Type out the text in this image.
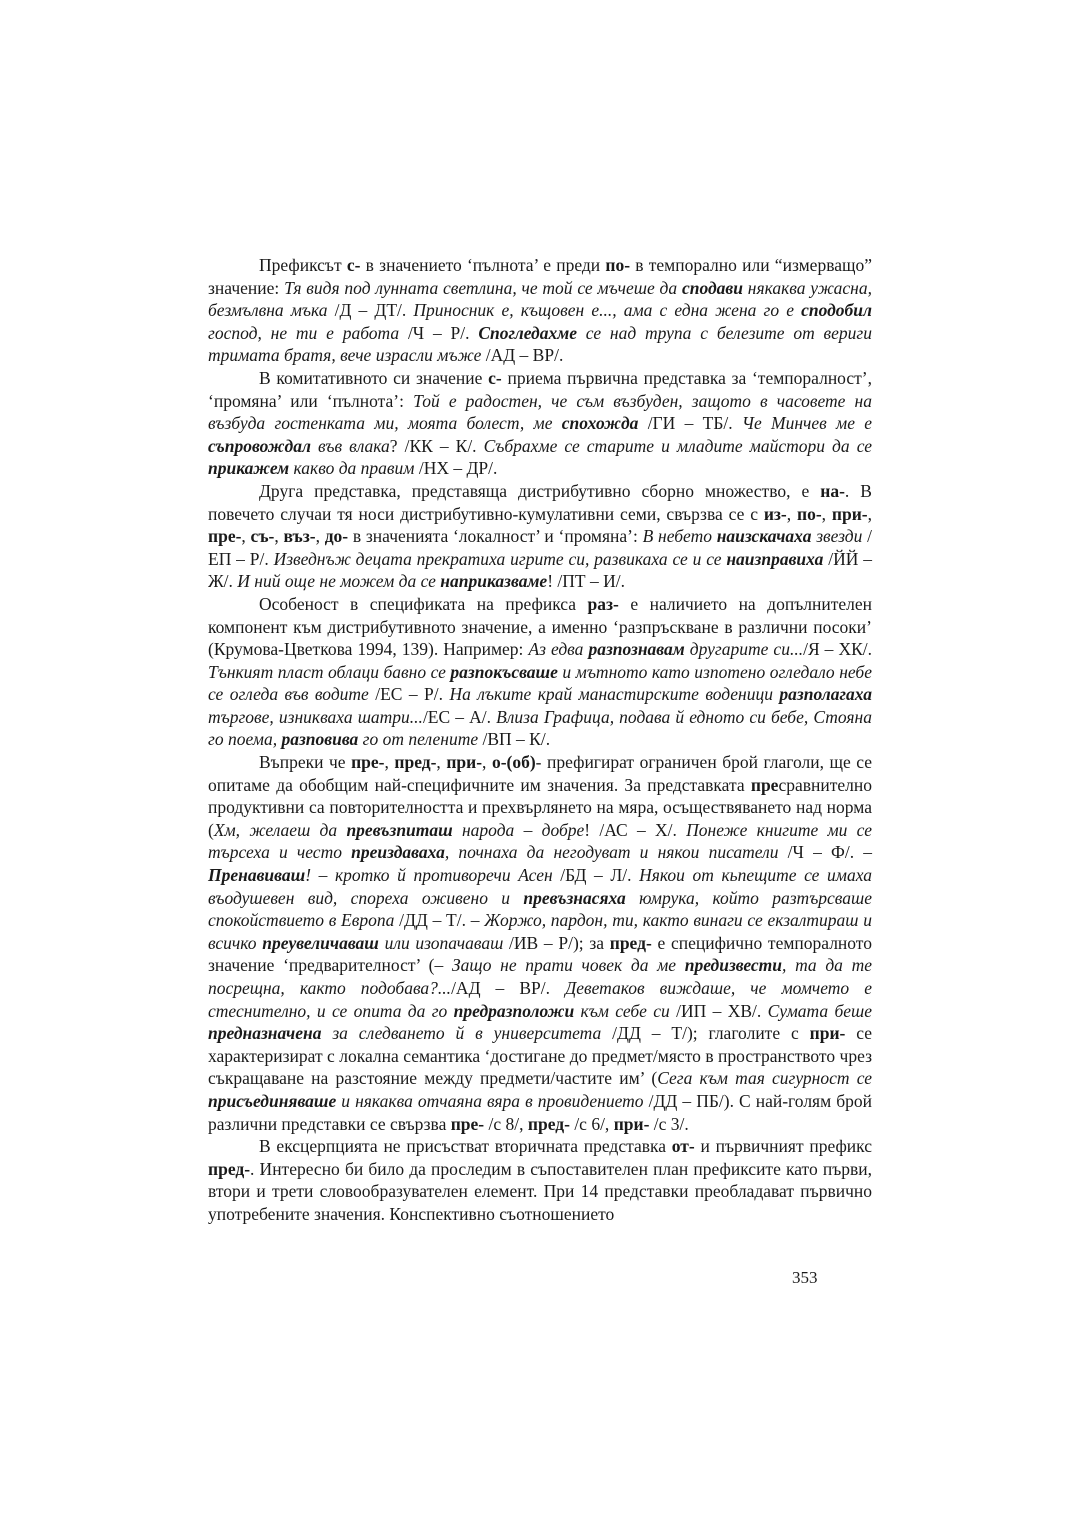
Префиксът с- в значението ‘пълнота’ е преди по- в темпорално или “измерващо” значение: Тя видя под лунната светлина, че той се мъчеше да сподави някаква ужасна, безмълвна мъка /Д – ДТ/. Приносник е, къщовен е..., ама с една жена го е сподобил господ, не ти е работа /Ч – Р/. Спогледахме се над трупа с белезите от вериги тримата братя, вече израсли мъже /АД – ВР/.

В комитативното си значение с- приема първична представка за ‘темпоралност’, ‘промяна’ или ‘пълнота’: Той е радостен, че съм възбуден, защото в часовете на възбуда гостенката ми, моята болест, ме спохожда /ГИ – ТБ/. Че Минчев ме е съпровождал във влака? /КК – К/. Събрахме се старите и младите майстори да се прикажем какво да правим /НХ – ДР/.

Друга представка, представяща дистрибутивно сборно множество, е на-. В повечето случаи тя носи дистрибутивно-кумулативни семи, свързва се с из-, по-, при-, пре-, съ-, въз-, до- в значенията ‘локалност’ и ‘промяна’: В небето наизскачаха звезди /ЕП – Р/. Изведнъж децата прекратиха игрите си, развикаха се и се наизправиха /ЙЙ – Ж/. И ний още не можем да се наприказваме! /ПТ – И/.

Особеност в спецификата на префикса раз- е наличието на допълнителен компонент към дистрибутивното значение, а именно ‘разпръскване в различни посоки’ (Крумова-Цветкова 1994, 139). Например: Аз едва разпознавам другарите си.../Я – ХК/. Тънкият пласт облаци бавно се разпокъсваше и мътното като изпотено огледало небе се огледа във водите /ЕС – Р/. На лъките край манастирските воденици разполагаха търгове, изникваха шатри.../ЕС – А/. Влиза Графица, подава й едното си бебе, Стояна го поема, разповива го от пелените /ВП – К/.

Въпреки че пре-, пред-, при-, о-(об)- префигират ограничен брой глаголи, ще се опитаме да обобщим най-специфичните им значения. За представката пресравнително продуктивни са повторителността и прехвърлянето на мяра, осъществяването над норма (Хм, желаеш да превъзпиташ народа – добре! /АС – Х/. Понеже книгите ми се търсеха и често преиздаваха, почнаха да негодуват и някои писатели /Ч – Ф/. – Пренавиваш! – кротко й противоречи Асен /БД – Л/. Някои от кьпещите се имаха въодушевен вид, спореха оживено и превъзнасяха юмрука, който разтърсваше спокойствието в Европа /ДД – Т/. – Жоржо, пардон, ти, както винаги се екзалтираш и всичко преувеличаваш или изопачаваш /ИВ – Р/); за пред- е специфично темпоралното значение ‘предварителност’ (– Защо не прати човек да ме предизвести, та да те посрещна, както подобава?.../АД – ВР/. Деветаков виждаше, че момчето е стеснително, и се опита да го предразположи към себе си /ИП – ХВ/. Сумата беше предназначена за следването й в университета /ДД – Т/); глаголите с при- се характеризират с локална семантика ‘достигане до предмет/място в пространството чрез съкращаване на разстояние между предмети/частите им’ (Сега към тая сигурност се присъединяваше и някаква отчаяна вяра в провидението /ДД – ПБ/). С най-голям брой различни представки се свързва пре- /с 8/, пред- /с 6/, при- /с 3/.

В ексцерпцията не присъстват вторичната представка от- и първичният префикс пред-. Интересно би било да проследим в съпоставителен план префиксите като първи, втори и трети словообразувателен елемент. При 14 представки преобладават първично употребените значения. Конспективно съотношението

353
